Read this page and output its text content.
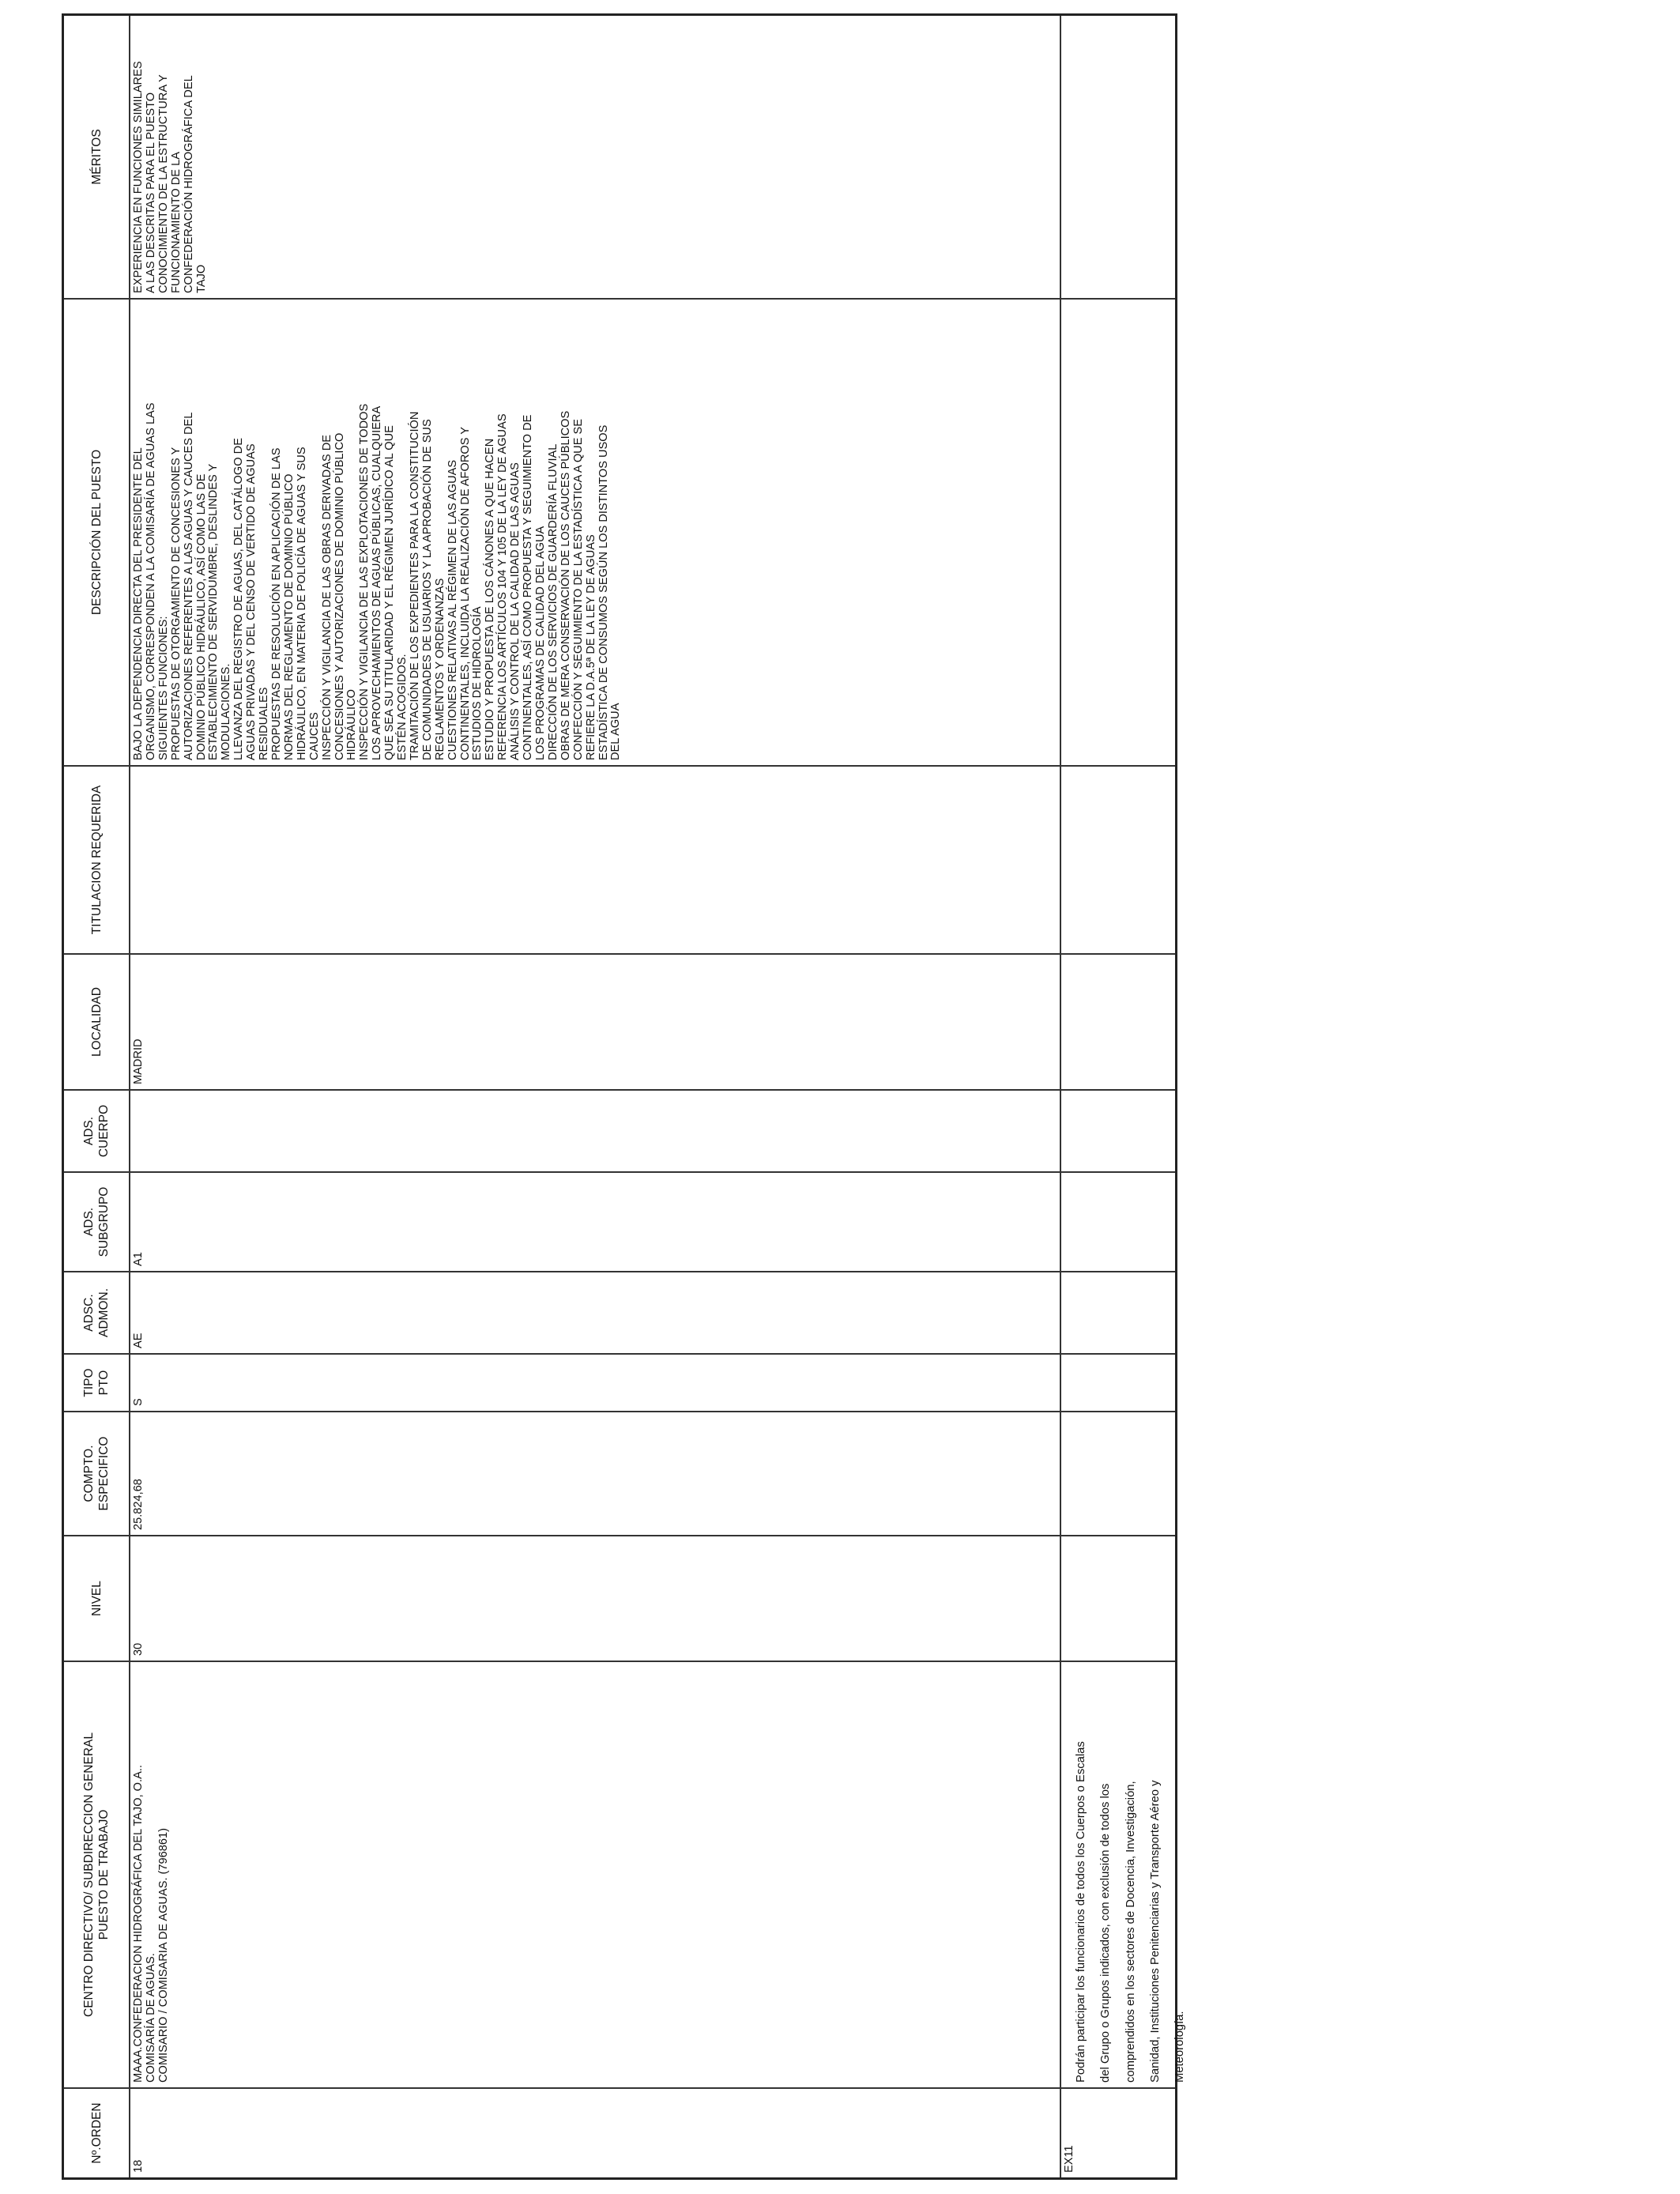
Nº.ORDEN
CENTRO DIRECTIVO/ SUBDIRECCION GENERAL PUESTO DE TRABAJO
NIVEL
COMPTO. ESPECIFICO
TIPO PTO
ADSC. ADMON.
ADS. SUBGRUPO
ADS. CUERPO
LOCALIDAD
TITULACION REQUERIDA
DESCRIPCIÓN DEL PUESTO
MÉRITOS
18

MAAA.CONFEDERACION HIDROGRÁFICA DEL TAJO, O.A.. COMISARÍA DE AGUAS. COMISARIO / COMISARIA DE AGUAS. (796861)

30
25.824,68
S
AE
A1
MADRID

BAJO LA DEPENDENCIA DIRECTA DEL PRESIDENTE DEL ORGANISMO, CORRESPONDEN A LA COMISARÍA DE AGUAS LAS SIGUIENTES FUNCIONES: PROPUESTAS DE OTORGAMIENTO DE CONCESIONES Y AUTORIZACIONES REFERENTES A LAS AGUAS Y CAUCES DEL DOMINIO PÚBLICO HIDRÁULICO, ASÍ COMO LAS DE ESTABLECIMIENTO DE SERVIDUMBRE, DESLINDES Y MODULACIONES. LLEVANZA DEL REGISTRO DE AGUAS, DEL CATÁLOGO DE AGUAS PRIVADAS Y DEL CENSO DE VERTIDO DE AGUAS RESIDUALES PROPUESTAS DE RESOLUCIÓN EN APLICACIÓN DE LAS NORMAS DEL REGLAMENTO DE DOMINIO PÚBLICO HIDRÁULICO, EN MATERIA DE POLICÍA DE AGUAS Y SUS CAUCES INSPECCIÓN Y VIGILANCIA DE LAS OBRAS DERIVADAS DE CONCESIONES Y AUTORIZACIONES DE DOMINIO PÚBLICO HIDRÁULICO INSPECCIÓN Y VIGILANCIA DE LAS EXPLOTACIONES DE TODOS LOS APROVECHAMIENTOS DE AGUAS PÚBLICAS, CUALQUIERA QUE SEA SU TITULARIDAD Y EL RÉGIMEN JURÍDICO AL QUE ESTÉN ACOGIDOS. TRAMITACIÓN DE LOS EXPEDIENTES PARA LA CONSTITUCIÓN DE COMUNIDADES DE USUARIOS Y LA APROBACIÓN DE SUS REGLAMENTOS Y ORDENANZAS CUESTIONES RELATIVAS AL RÉGIMEN DE LAS AGUAS CONTINENTALES, INCLUIDA LA REALIZACIÓN DE AFOROS Y ESTUDIOS DE HIDROLOGÍA ESTUDIO Y PROPUESTA DE LOS CÁNONES A QUE HACEN REFERENCIA LOS ARTÍCULOS 104 Y 105 DE LA LEY DE AGUAS ANÁLISIS Y CONTROL DE LA CALIDAD DE LAS AGUAS CONTINENTALES, ASÍ COMO PROPUESTA Y SEGUIMIENTO DE LOS PROGRAMAS DE CALIDAD DEL AGUA DIRECCIÓN DE LOS SERVICIOS DE GUARDERÍA FLUVIAL OBRAS DE MERA CONSERVACIÓN DE LOS CAUCES PÚBLICOS CONFECCIÓN Y SEGUIMIENTO DE LA ESTADÍSTICA A QUE SE REFIERE LA D.A.5ª DE LA LEY DE AGUAS ESTADÍSTICA DE CONSUMOS SEGÚN LOS DISTINTOS USOS DEL AGUA

EXPERIENCIA EN FUNCIONES SIMILARES A LAS DESCRITAS PARA EL PUESTO CONOCIMIENTO DE LA ESTRUCTURA Y FUNCIONAMIENTO DE LA CONFEDERACIÓN HIDROGRÁFICA DEL TAJO

EX11

Podrán participar los funcionarios de todos los Cuerpos o Escalas del Grupo o Grupos indicados, con exclusión de todos los comprendidos en los sectores de Docencia, Investigación, Sanidad, Instituciones Penitenciarias y Transporte Aéreo y Meteorología.
